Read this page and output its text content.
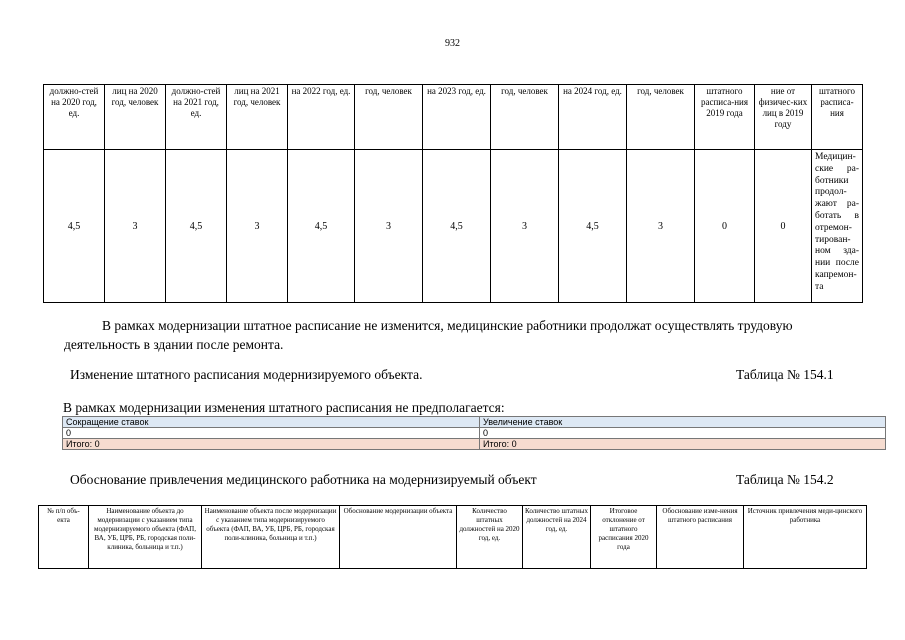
932
должно-стей на 2020 год, ед.	лиц на 2020 год, человек	должно-стей на 2021 год, ед.	лиц на 2021 год, человек	на 2022 год, ед.	год, человек	на 2023 год, ед.	год, человек	на 2024 год, ед.	год, человек	штатного расписа-ния 2019 года	ние от физичес-ких лиц в 2019 году	штатного расписа-ния
4,5	3	4,5	3	4,5	3	4,5	3	4,5	3	0	0	Медицин-ские ра-ботники продол-жают ра-ботать в отремон-тирован-ном зда-нии после капремон-та
В рамках модернизации штатное расписание не изменится, медицинские работники продолжат осуществлять трудовую деятельность в здании после ремонта.
Изменение штатного расписания модернизируемого объекта.	Таблица № 154.1
В рамках модернизации изменения штатного расписания не предполагается:
Сокращение ставок	Увеличение ставок
0	0
Итого: 0	Итого: 0
Обоснование привлечения медицинского работника на модернизируемый объект	Таблица № 154.2
№ п/п объ-екта	Наименование объекта до модернизации с указанием типа модернизируемого объекта (ФАП, ВА, УБ, ЦРБ, РБ, городская поли-клиника, больница и т.п.)	Наименование объекта после модернизации с указанием типа модернизируемого объекта (ФАП, ВА, УБ, ЦРБ, РБ, городская поли-клиника, больница и т.п.)	Обоснование модернизации объекта	Количество штатных должностей на 2020 год, ед.	Количество штатных должностей на 2024 год, ед.	Итоговое отклонение от штатного расписания 2020 года	Обоснование изме-нения штатного расписания	Источник привлечения меди-цинского работника
